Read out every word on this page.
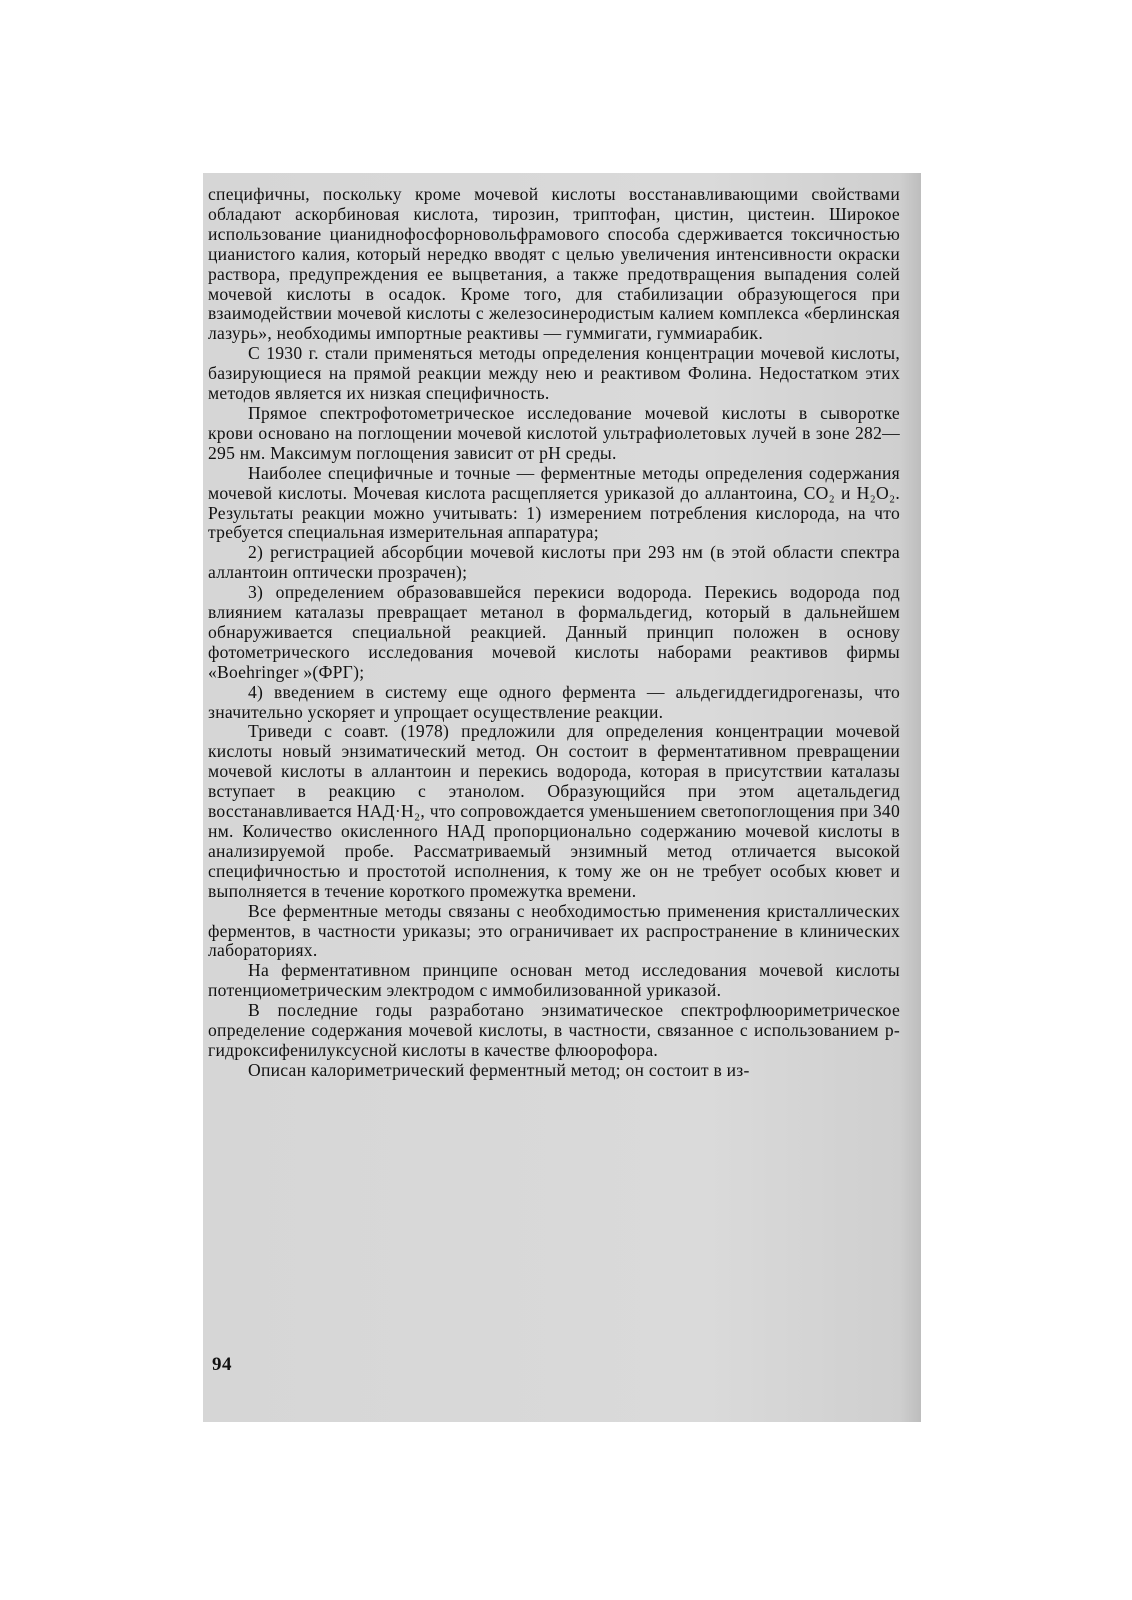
специфичны, поскольку кроме мочевой кислоты восстанавливающими свойствами обладают аскорбиновая кислота, тирозин, триптофан, цистин, цистеин. Широкое использование цианиднофосфорновольфрамового способа сдерживается токсичностью цианистого калия, который нередко вводят с целью увеличения интенсивности окраски раствора, предупреждения ее выцветания, а также предотвращения выпадения солей мочевой кислоты в осадок. Кроме того, для стабилизации образующегося при взаимодействии мочевой кислоты с железосинеродистым калием комплекса «берлинская лазурь», необходимы импортные реактивы — гуммигати, гуммиарабик.

С 1930 г. стали применяться методы определения концентрации мочевой кислоты, базирующиеся на прямой реакции между нею и реактивом Фолина. Недостатком этих методов является их низкая специфичность.

Прямое спектрофотометрическое исследование мочевой кислоты в сыворотке крови основано на поглощении мочевой кислотой ультрафиолетовых лучей в зоне 282—295 нм. Максимум поглощения зависит от pH среды.

Наиболее специфичные и точные — ферментные методы определения содержания мочевой кислоты. Мочевая кислота расщепляется уриказой до аллантоина, CO₂ и H₂O₂. Результаты реакции можно учитывать: 1) измерением потребления кислорода, на что требуется специальная измерительная аппаратура;

2) регистрацией абсорбции мочевой кислоты при 293 нм (в этой области спектра аллантоин оптически прозрачен);

3) определением образовавшейся перекиси водорода. Перекись водорода под влиянием каталазы превращает метанол в формальдегид, который в дальнейшем обнаруживается специальной реакцией. Данный принцип положен в основу фотометрического исследования мочевой кислоты наборами реактивов фирмы «Boehringer »(ФРГ);

4) введением в систему еще одного фермента — альдегиддегидрогеназы, что значительно ускоряет и упрощает осуществление реакции.

Триведи с соавт. (1978) предложили для определения концентрации мочевой кислоты новый энзиматический метод. Он состоит в ферментативном превращении мочевой кислоты в аллантоин и перекись водорода, которая в присутствии каталазы вступает в реакцию с этанолом. Образующийся при этом ацетальдегид восстанавливается НАД·Н₂, что сопровождается уменьшением светопоглощения при 340 нм. Количество окисленного НАД пропорционально содержанию мочевой кислоты в анализируемой пробе. Рассматриваемый энзимный метод отличается высокой специфичностью и простотой исполнения, к тому же он не требует особых кювет и выполняется в течение короткого промежутка времени.

Все ферментные методы связаны с необходимостью применения кристаллических ферментов, в частности уриказы; это ограничивает их распространение в клинических лабораториях.

На ферментативном принципе основан метод исследования мочевой кислоты потенциометрическим электродом с иммобилизованной уриказой.

В последние годы разработано энзиматическое спектрофлюориметрическое определение содержания мочевой кислоты, в частности, связанное с использованием р-гидроксифенилуксусной кислоты в качестве флюорофора.

Описан калориметрический ферментный метод; он состоит в из-

94
